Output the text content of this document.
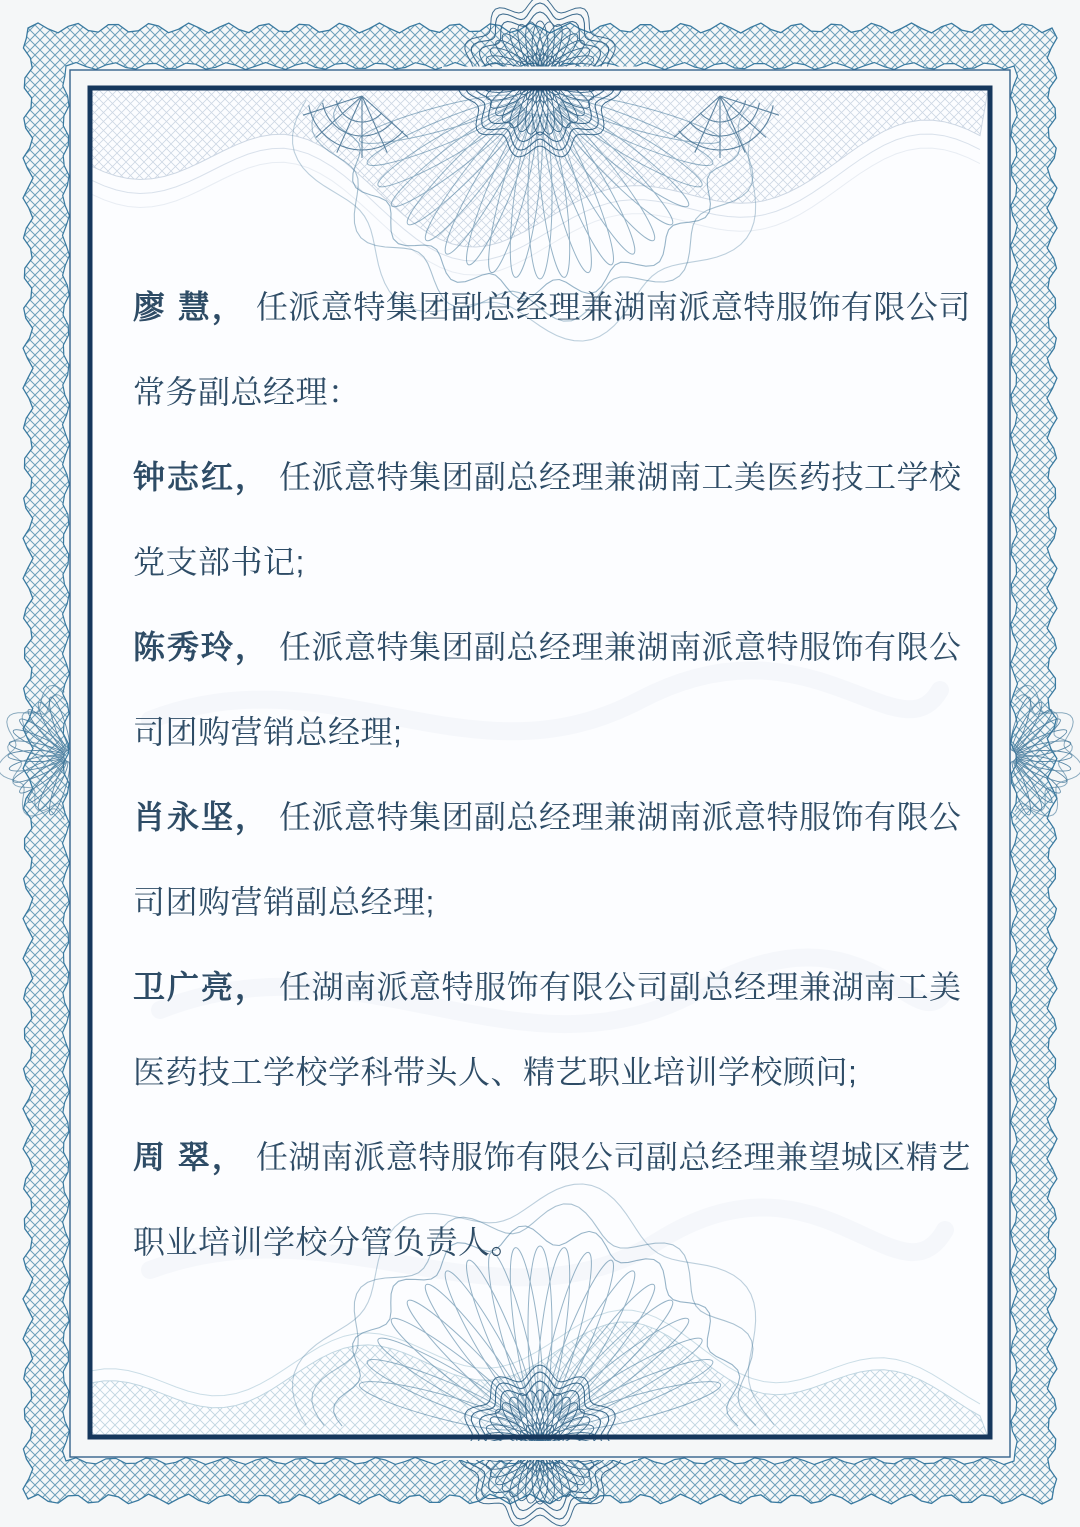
廖 慧， 任派意特集团副总经理兼湖南派意特服饰有限公司

常务副总经理：

钟志红， 任派意特集团副总经理兼湖南工美医药技工学校

党支部书记;

陈秀玲， 任派意特集团副总经理兼湖南派意特服饰有限公

司团购营销总经理;

肖永坚， 任派意特集团副总经理兼湖南派意特服饰有限公

司团购营销副总经理;

卫广亮， 任湖南派意特服饰有限公司副总经理兼湖南工美

医药技工学校学科带头人、精艺职业培训学校顾问;

周 翠， 任湖南派意特服饰有限公司副总经理兼望城区精艺

职业培训学校分管负责人。
